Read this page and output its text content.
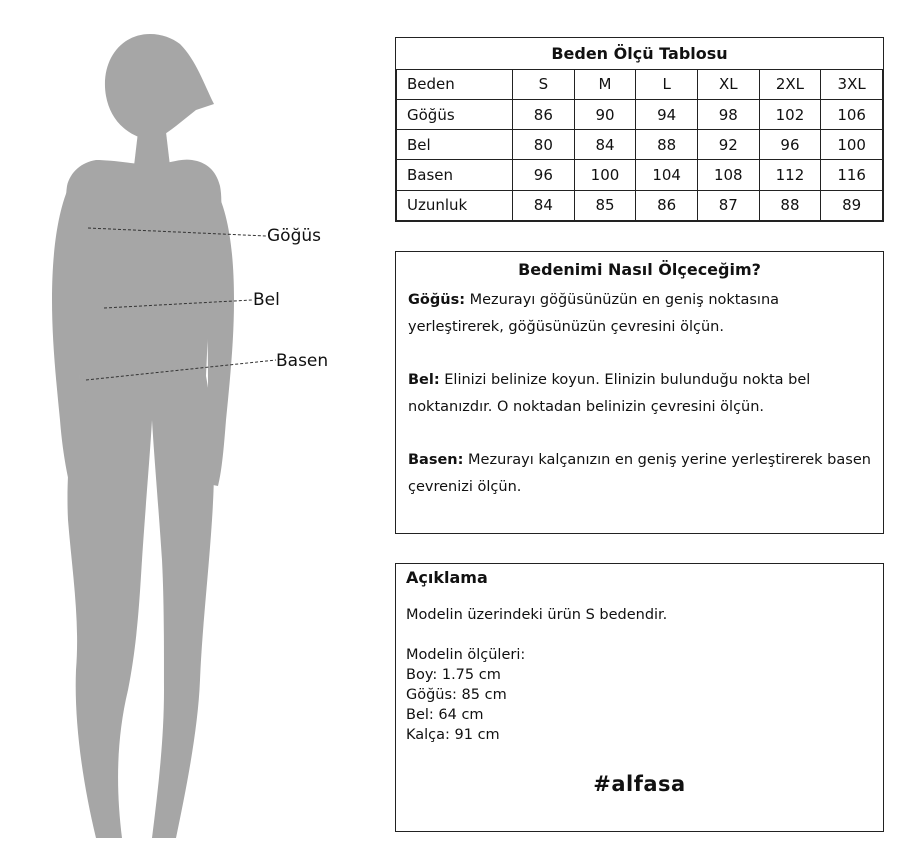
Göğüs
Bel
Basen
Beden Ölçü Tablosu						
Beden	S	M	L	XL	2XL	3XL
Göğüs	86	90	94	98	102	106
Bel	80	84	88	92	96	100
Basen	96	100	104	108	112	116
Uzunluk	84	85	86	87	88	89
Bedenimi Nasıl Ölçeceğim?

Göğüs: Mezurayı göğüsünüzün en geniş noktasına yerleştirerek, göğüsünüzün çevresini ölçün.

Bel: Elinizi belinize koyun. Elinizin bulunduğu nokta bel noktanızdır. O noktadan belinizin çevresini ölçün.

Basen: Mezurayı kalçanızın en geniş yerine yerleştirerek basen çevrenizi ölçün.

Açıklama

Modelin üzerindeki ürün S bedendir.

Modelin ölçüleri:

Boy: 1.75 cm

Göğüs: 85 cm

Bel: 64 cm

Kalça: 91 cm

#alfasa
